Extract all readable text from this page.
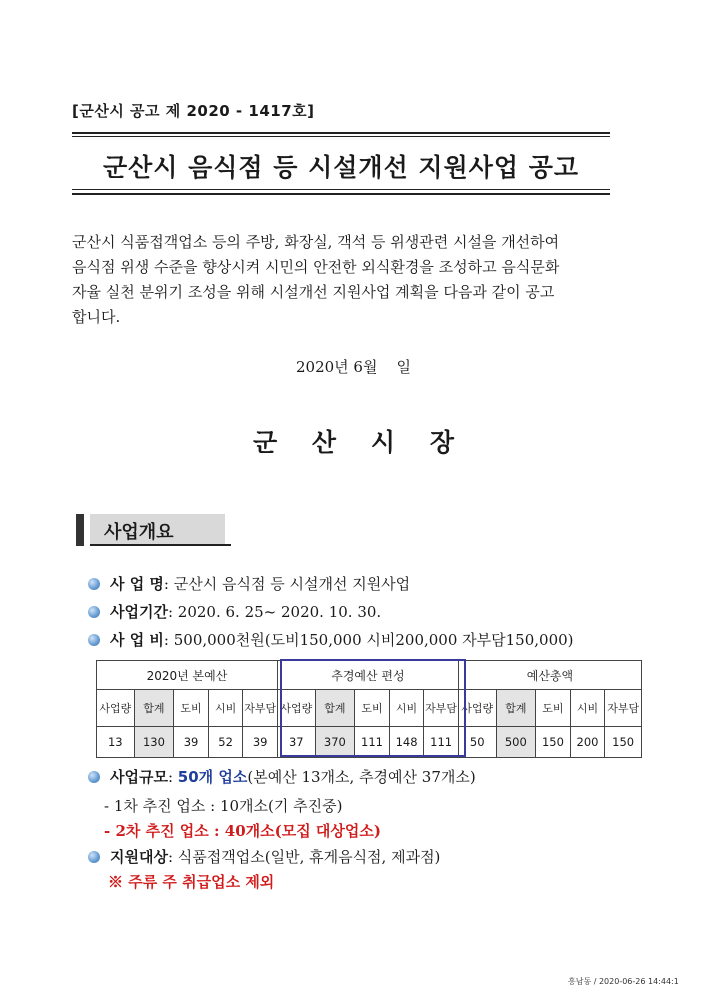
[군산시 공고 제 2020 - 1417호]
군산시 음식점 등 시설개선 지원사업 공고
군산시 식품접객업소 등의 주방, 화장실, 객석 등 위생관련 시설을 개선하여
음식점 위생 수준을 향상시켜 시민의 안전한 외식환경을 조성하고 음식문화
자율 실천 분위기 조성을 위해 시설개선 지원사업 계획을 다음과 같이 공고
합니다.
2020년 6월    일
군    산    시    장
사업개요
사 업 명 : 군산시 음식점 등 시설개선 지원사업
사업기간 : 2020. 6. 25~ 2020. 10. 30.
사 업 비 : 500,000천원(도비150,000 시비200,000 자부담150,000)
2020년 본예산					추경예산 편성					예산총액				
사업량	합계	도비	시비	자부담	사업량	합계	도비	시비	자부담	사업량	합계	도비	시비	자부담
13	130	39	52	39	37	370	111	148	111	50	500	150	200	150
사업규모 : 50개 업소 (본예산 13개소, 추경예산 37개소)
- 1차 추진 업소 : 10개소(기 추진중)
- 2차 추진 업소 : 40개소(모집 대상업소)
지원대상 : 식품접객업소(일반, 휴게음식점, 제과점)
※ 주류 주 취급업소 제외
흥남동 / 2020-06-26 14:44:1
